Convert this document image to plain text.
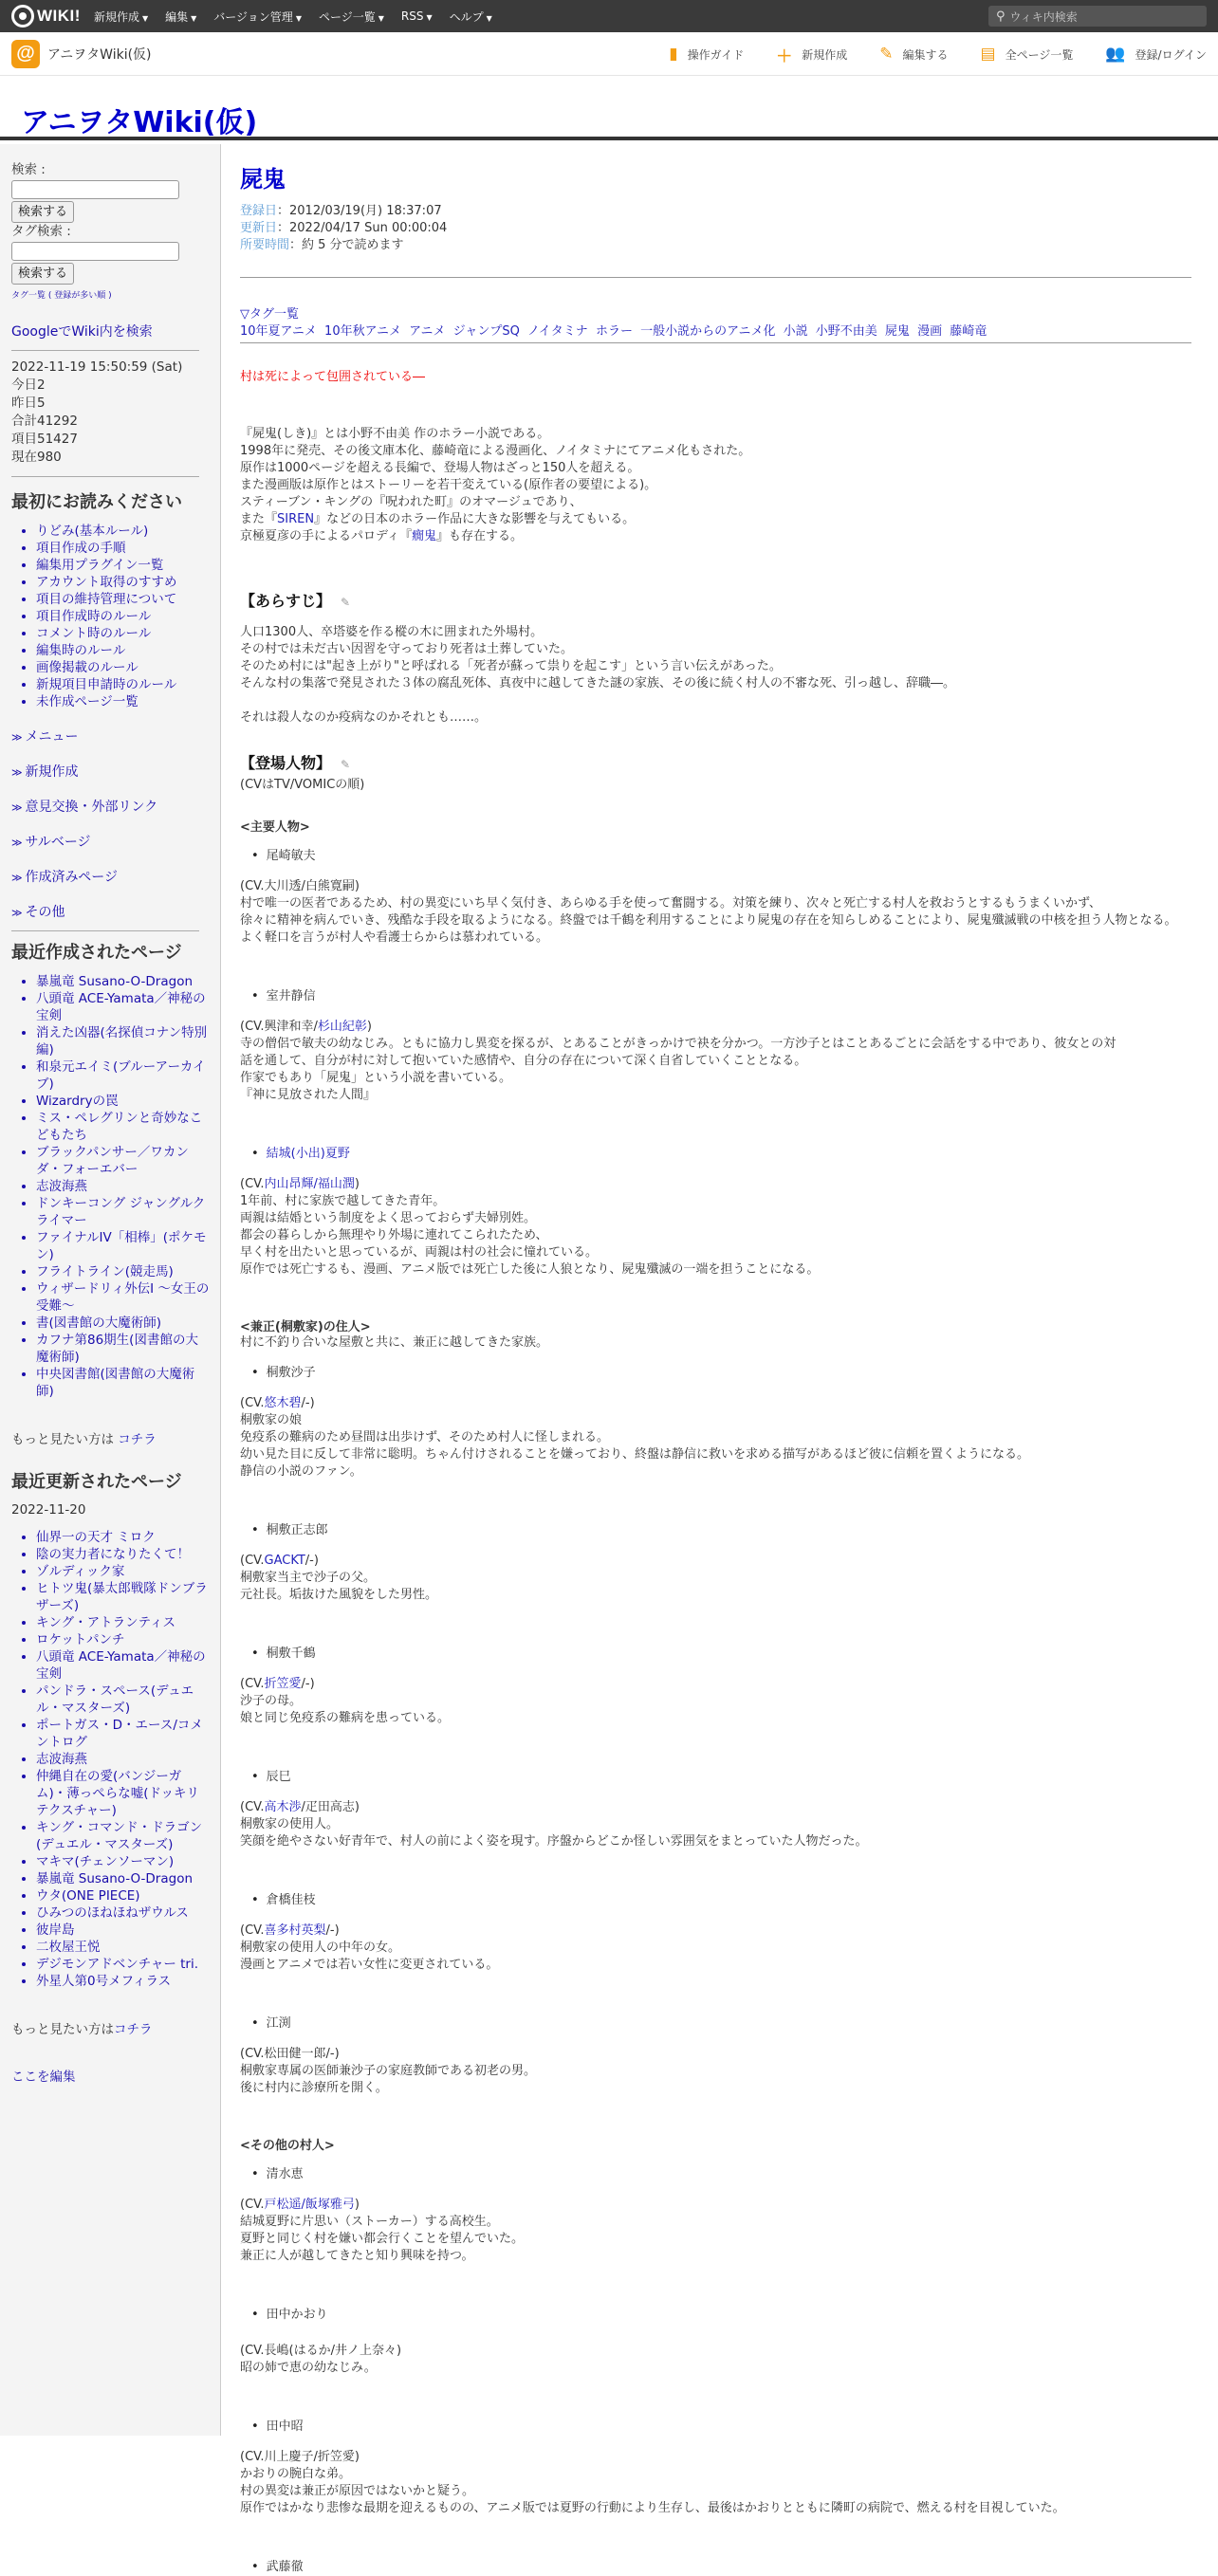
WIKI! 新規作成 ▼ 編集 ▼ バージョン管理 ▼ ページ一覧 ▼ RSS ▼ ヘルプ ▼	⚲ ウィキ内検索
@ アニヲタWiki(仮)	▮ 操作ガイド ＋ 新規作成 ✎ 編集する ▤ 全ページ一覧 👥 登録/ログイン
アニヲタWiki(仮)
検索 :
検索する
タグ検索 :
検索する
タグ一覧 ( 登録が多い順 )
GoogleでWiki内を検索
2022-11-19 15:50:59 (Sat)
今日2
昨日5
合計41292
項目51427
現在980
最初にお読みください
• りどみ(基本ルール)
• 項目作成の手順
• 編集用プラグイン一覧
• アカウント取得のすすめ
• 項目の維持管理について
• 項目作成時のルール
• コメント時のルール
• 編集時のルール
• 画像掲載のルール
• 新規項目申請時のルール
• 未作成ページ一覧
≫ メニュー
≫ 新規作成
≫ 意見交換・外部リンク
≫ サルベージ
≫ 作成済みページ
≫ その他
最近作成されたページ
• 暴嵐竜 Susano-O-Dragon
• 八頭竜 ACE-Yamata／神秘の宝剣
• 消えた凶器(名探偵コナン特別編)
• 和泉元エイミ(ブルーアーカイブ)
• Wizardryの罠
• ミス・ペレグリンと奇妙なこどもたち
• ブラックパンサー／ワカンダ・フォーエバー
• 志波海燕
• ドンキーコング ジャングルクライマー
• ファイナルIV「相棒」(ポケモン)
• フライトライン(競走馬)
• ウィザードリィ外伝I ～女王の受難～
• 書(図書館の大魔術師)
• カフナ第86期生(図書館の大魔術師)
• 中央図書館(図書館の大魔術師)
もっと見たい方は コチラ
最近更新されたページ
2022-11-20
• 仙界一の天才 ミロク
• 陰の実力者になりたくて！
• ゾルディック家
• ヒトツ鬼(暴太郎戦隊ドンブラザーズ)
• キング・アトランティス
• ロケットパンチ
• 八頭竜 ACE-Yamata／神秘の宝剣
• パンドラ・スペース(デュエル・マスターズ)
• ポートガス・D・エース/コメントログ
• 志波海燕
• 仲縄自在の愛(バンジーガム)・薄っぺらな嘘(ドッキリテクスチャー)
• キング・コマンド・ドラゴン(デュエル・マスターズ)
• マキマ(チェンソーマン)
• 暴嵐竜 Susano-O-Dragon
• ウタ(ONE PIECE)
• ひみつのほねほねザウルス
• 彼岸島
• 二枚屋王悦
• デジモンアドベンチャー tri.
• 外星人第0号メフィラス
もっと見たい方はコチラ
ここを編集
屍鬼
登録日：2012/03/19(月) 18:37:07
更新日：2022/04/17 Sun 00:00:04
所要時間：約 5 分で読めます
▽タグ一覧
10年夏アニメ 10年秋アニメ アニメ ジャンプSQ ノイタミナ ホラー 一般小説からのアニメ化 小説 小野不由美 屍鬼 漫画 藤崎竜
村は死によって包囲されている―
『屍鬼(しき)』とは小野不由美 作のホラー小説である。
1998年に発売、その後文庫本化、藤崎竜による漫画化、ノイタミナにてアニメ化もされた。
原作は1000ページを超える長編で、登場人物はざっと150人を超える。
また漫画版は原作とはストーリーを若干変えている(原作者の要望による)。
スティーブン・キングの『呪われた町』のオマージュであり、
また『SIREN』などの日本のホラー作品に大きな影響を与えてもいる。
京極夏彦の手によるパロディ『癇鬼』も存在する。
【あらすじ】 ✎
人口1300人、卒塔婆を作る樅の木に囲まれた外場村。
その村では未だ古い因習を守っており死者は土葬していた。
そのため村には"起き上がり"と呼ばれる「死者が蘇って祟りを起こす」という言い伝えがあった。
そんな村の集落で発見された３体の腐乱死体、真夜中に越してきた謎の家族、その後に続く村人の不審な死、引っ越し、辞職―。
それは殺人なのか疫病なのかそれとも……。
【登場人物】 ✎
(CVはTV/VOMICの順)
<主要人物>
• 尾崎敏夫
(CV.大川透/白熊寛嗣)
村で唯一の医者であるため、村の異変にいち早く気付き、あらゆる手を使って奮闘する。対策を練り、次々と死亡する村人を救おうとするもうまくいかず、
徐々に精神を病んでいき、残酷な手段を取るようになる。終盤では千鶴を利用することにより屍鬼の存在を知らしめることにより、屍鬼殲滅戦の中核を担う人物となる。
よく軽口を言うが村人や看護士らからは慕われている。
• 室井静信
(CV.興津和幸/杉山紀彰)
寺の僧侶で敏夫の幼なじみ。ともに協力し異変を探るが、とあることがきっかけで袂を分かつ。一方沙子とはことあるごとに会話をする中であり、彼女との対
話を通して、自分が村に対して抱いていた感情や、自分の存在について深く自省していくこととなる。
作家でもあり「屍鬼」という小説を書いている。
『神に見放された人間』
• 結城(小出)夏野
(CV.内山昂輝/福山潤)
1年前、村に家族で越してきた青年。
両親は結婚という制度をよく思っておらず夫婦別姓。
都会の暮らしから無理やり外場に連れてこられたため、
早く村を出たいと思っているが、両親は村の社会に憧れている。
原作では死亡するも、漫画、アニメ版では死亡した後に人狼となり、屍鬼殲滅の一端を担うことになる。
<兼正(桐敷家)の住人>
村に不釣り合いな屋敷と共に、兼正に越してきた家族。
• 桐敷沙子
(CV.悠木碧/-)
桐敷家の娘
免疫系の難病のため昼間は出歩けず、そのため村人に怪しまれる。
幼い見た目に反して非常に聡明。ちゃん付けされることを嫌っており、終盤は静信に救いを求める描写があるほど彼に信頼を置くようになる。
静信の小説のファン。
• 桐敷正志郎
(CV.GACKT/-)
桐敷家当主で沙子の父。
元社長。垢抜けた風貌をした男性。
• 桐敷千鶴
(CV.折笠愛/-)
沙子の母。
娘と同じ免疫系の難病を患っている。
• 辰巳
(CV.高木渉/疋田高志)
桐敷家の使用人。
笑顔を絶やさない好青年で、村人の前によく姿を現す。序盤からどこか怪しい雰囲気をまとっていた人物だった。
• 倉橋佳枝
(CV.喜多村英梨/-)
桐敷家の使用人の中年の女。
漫画とアニメでは若い女性に変更されている。
• 江渕
(CV.松田健一郎/-)
桐敷家専属の医師兼沙子の家庭教師である初老の男。
後に村内に診療所を開く。
<その他の村人>
• 清水恵
(CV.戸松遥/飯塚雅弓)
結城夏野に片思い（ストーカー）する高校生。
夏野と同じく村を嫌い都会行くことを望んでいた。
兼正に人が越してきたと知り興味を持つ。
• 田中かおり
(CV.長嶋(はるか/井ノ上奈々)
昭の姉で恵の幼なじみ。
• 田中昭
(CV.川上慶子/折笠愛)
かおりの腕白な弟。
村の異変は兼正が原因ではないかと疑う。
原作ではかなり悲惨な最期を迎えるものの、アニメ版では夏野の行動により生存し、最後はかおりとともに隣町の病院で、燃える村を目視していた。
• 武藤徹
